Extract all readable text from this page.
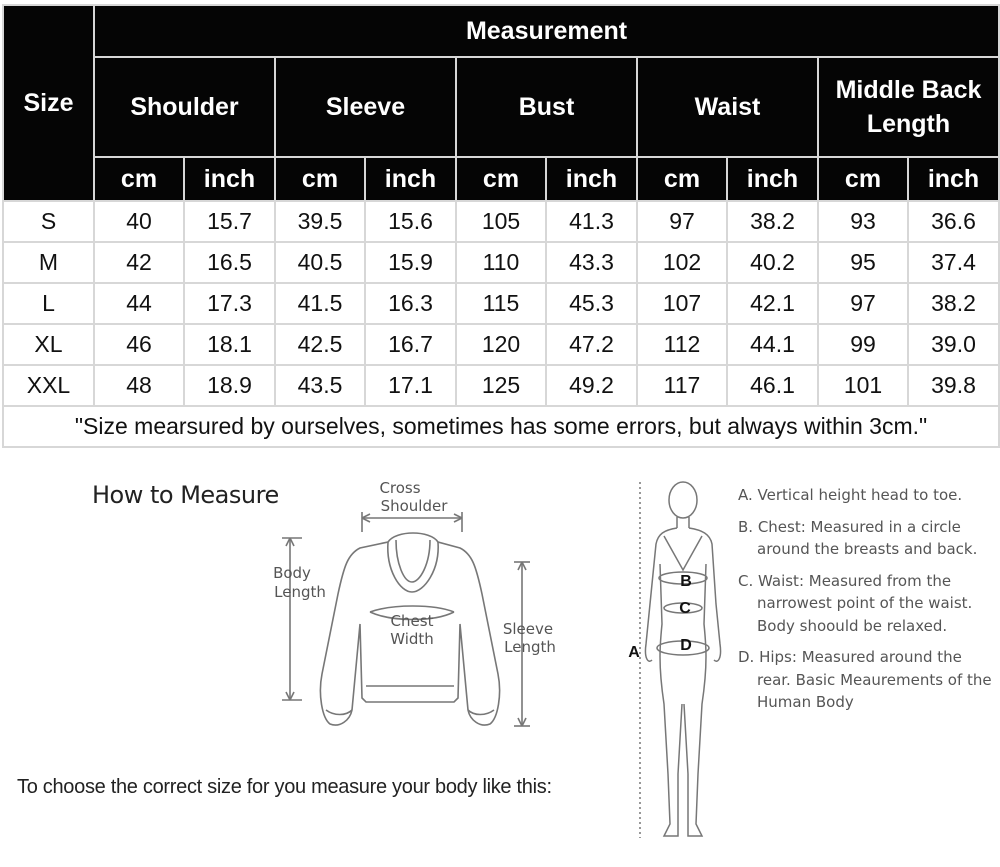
Size	Measurement									
	Shoulder		Sleeve		Bust		Waist		Middle Back Length	
	cm	inch	cm	inch	cm	inch	cm	inch	cm	inch
S	40	15.7	39.5	15.6	105	41.3	97	38.2	93	36.6
M	42	16.5	40.5	15.9	110	43.3	102	40.2	95	37.4
L	44	17.3	41.5	16.3	115	45.3	107	42.1	97	38.2
XL	46	18.1	42.5	16.7	120	47.2	112	44.1	99	39.0
XXL	48	18.9	43.5	17.1	125	49.2	117	46.1	101	39.8
"Size mearsured by ourselves, sometimes has some errors, but always within 3cm."										
How to Measure	Cross
Shoulder
Body
Length
Chest
Width
Sleeve
Length
To choose the correct size for you measure your body like this:
B
C
D
A
A. Vertical height head to toe.
B. Chest: Measured in a circle around the breasts and back.
C. Waist: Measured from the narrowest point of the waist. Body shoould be relaxed.
D. Hips: Measured around the rear. Basic Meaurements of the Human Body
